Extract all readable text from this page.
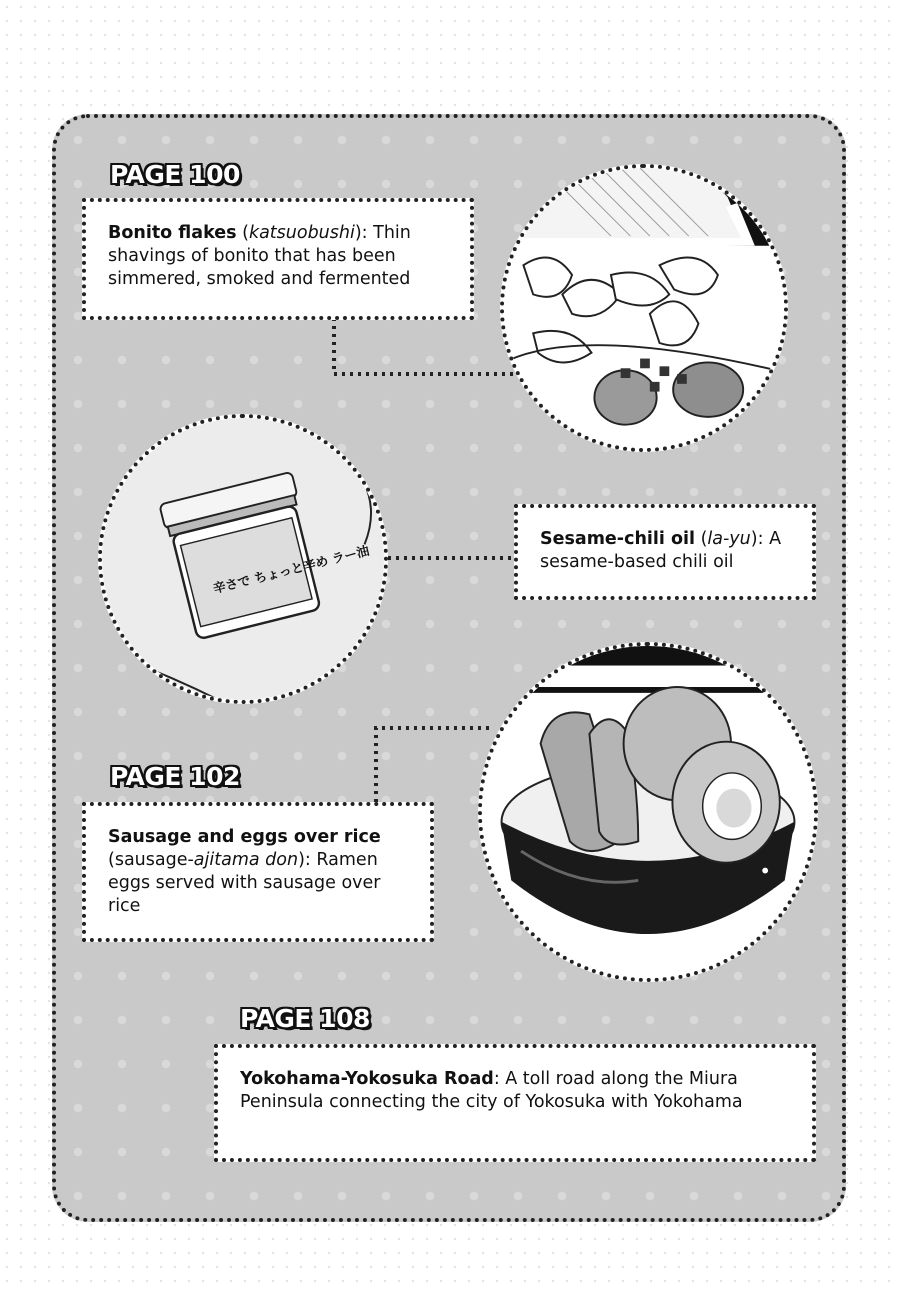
PAGE 100
Bonito flakes (katsuobushi): Thin shavings of bonito that has been simmered, smoked and fermented
辛さで ちょっと辛め ラー油
Sesame-chili oil (la-yu): A sesame-based chili oil
PAGE 102
Sausage and eggs over rice (sausage-ajitama don): Ramen eggs served with sausage over rice
PAGE 108
Yokohama-Yokosuka Road: A toll road along the Miura Peninsula connecting the city of Yokosuka with Yokohama
